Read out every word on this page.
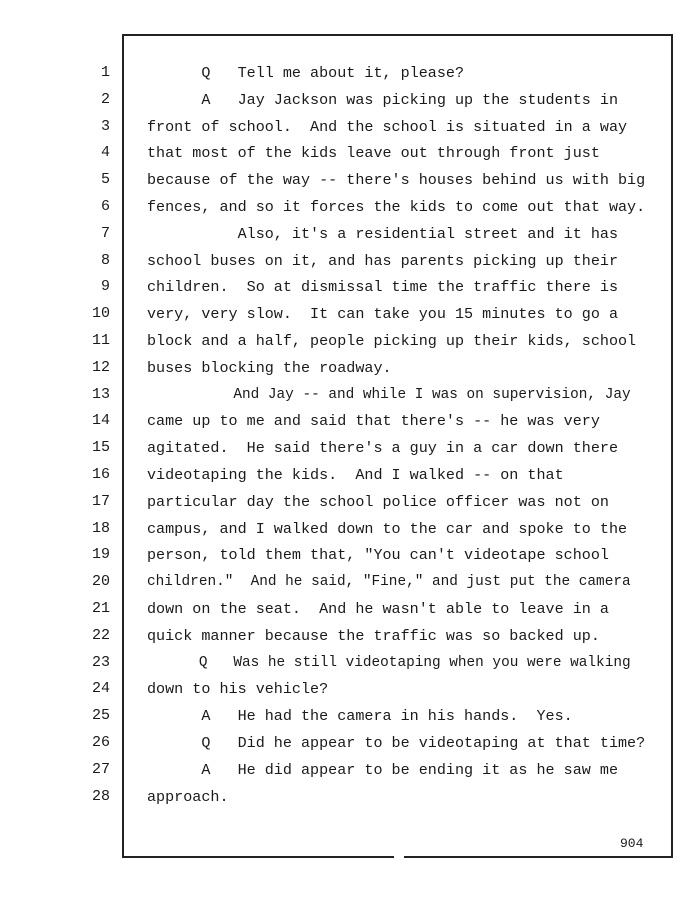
1
2
3
4
5
6
7
8
9
10
11
12
13
14
15
16
17
18
19
20
21
22
23
24
25
26
27
28
Q   Tell me about it, please?
A   Jay Jackson was picking up the students in
front of school.  And the school is situated in a way
that most of the kids leave out through front just
because of the way -- there's houses behind us with big
fences, and so it forces the kids to come out that way.
Also, it's a residential street and it has
school buses on it, and has parents picking up their
children.  So at dismissal time the traffic there is
very, very slow.  It can take you 15 minutes to go a
block and a half, people picking up their kids, school
buses blocking the roadway.
And Jay -- and while I was on supervision, Jay
came up to me and said that there's -- he was very
agitated.  He said there's a guy in a car down there
videotaping the kids.  And I walked -- on that
particular day the school police officer was not on
campus, and I walked down to the car and spoke to the
person, told them that, "You can't videotape school
children."  And he said, "Fine," and just put the camera
down on the seat.  And he wasn't able to leave in a
quick manner because the traffic was so backed up.
Q   Was he still videotaping when you were walking
down to his vehicle?
A   He had the camera in his hands.  Yes.
Q   Did he appear to be videotaping at that time?
A   He did appear to be ending it as he saw me
approach.
904
